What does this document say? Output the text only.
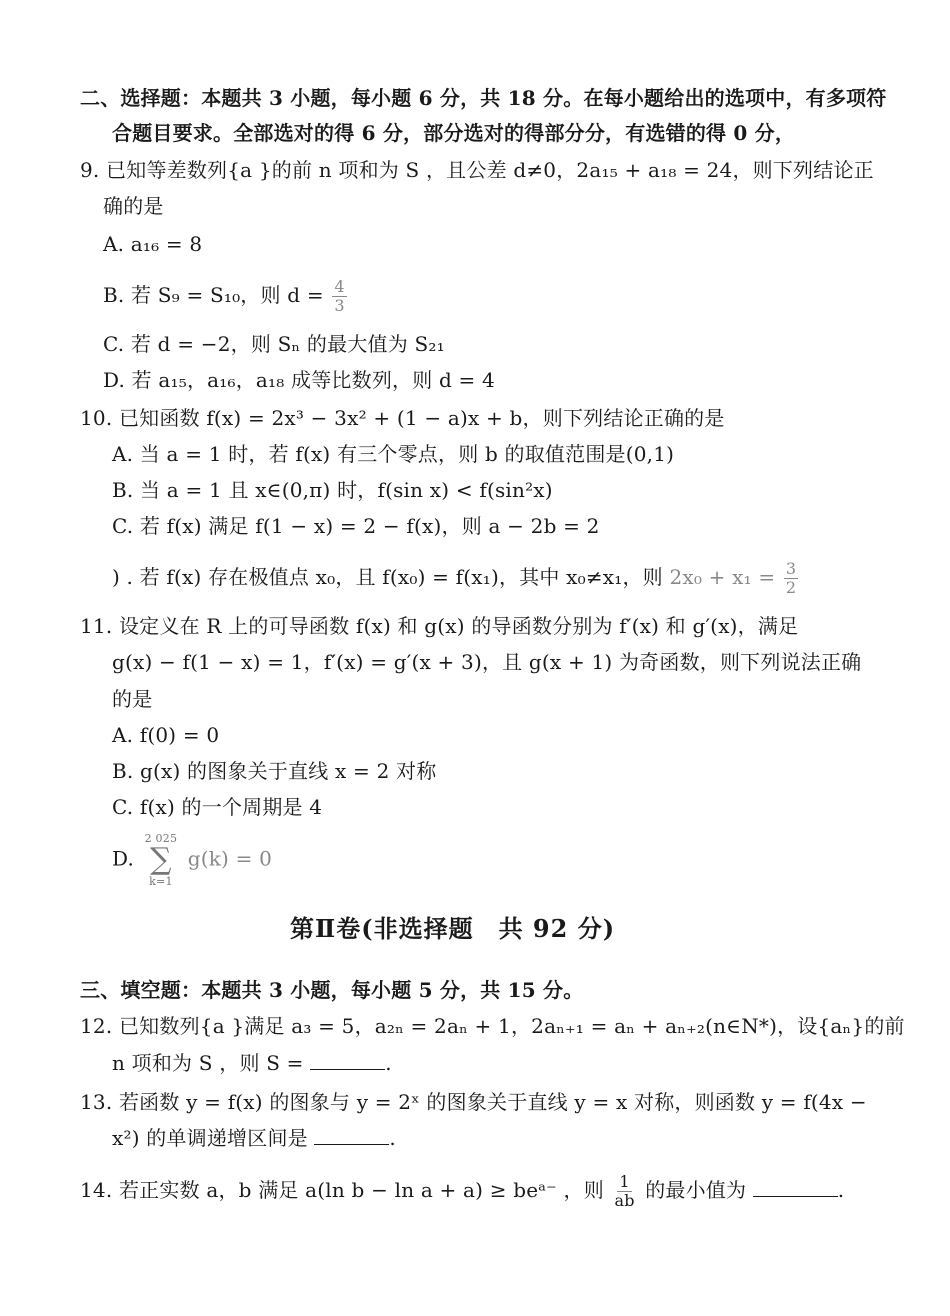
二、选择题：本题共 3 小题，每小题 6 分，共 18 分。在每小题给出的选项中，有多项符
合题目要求。全部选对的得 6 分，部分选对的得部分分，有选错的得 0 分，
9. 已知等差数列{a }的前 n 项和为 S ，且公差 d≠0，2a₁₅ + a₁₈ = 24，则下列结论正
确的是
A. a₁₆ = 8
B. 若 S₉ = S₁₀，则 $d = \frac{4}{3}$
C. 若 d = −2，则 Sₙ 的最大值为 S₂₁
D. 若 a₁₅，a₁₆，a₁₈ 成等比数列，则 d = 4
10. 已知函数 f(x) = 2x³ − 3x² + (1 − a)x + b，则下列结论正确的是
A. 当 a = 1 时，若 f(x) 有三个零点，则 b 的取值范围是(0,1)
B. 当 a = 1 且 x∈(0,π) 时，f(sin x) < f(sin²x)
C. 若 f(x) 满足 f(1 − x) = 2 − f(x)，则 a − 2b = 2
) . 若 f(x) 存在极值点 x₀，且 f(x₀) = f(x₁)，其中 x₀≠x₁，则 $2x_0 + x_1 = \frac{3}{2}$
11. 设定义在 R 上的可导函数 f(x) 和 g(x) 的导函数分别为 f′(x) 和 g′(x)，满足
g(x) − f(1 − x) = 1，f′(x) = g′(x + 3)，且 g(x + 1) 为奇函数，则下列说法正确
的是
A. f(0) = 0
B. g(x) 的图象关于直线 x = 2 对称
C. f(x) 的一个周期是 4
D.
2 025
∑
k=1
g(k) = 0
第Ⅱ卷(非选择题　共 92 分)
三、填空题：本题共 3 小题，每小题 5 分，共 15 分。
12. 已知数列{a }满足 a₃ = 5，a₂ₙ = 2aₙ + 1，2aₙ₊₁ = aₙ + aₙ₊₂(n∈N*)，设{aₙ}的前
n 项和为 S ，则 S =	.
13. 若函数 y = f(x) 的图象与 y = 2ˣ 的图象关于直线 y = x 对称，则函数 y = f(4x −
x²) 的单调递增区间是	.
14. 若正实数 a，b 满足 a(ln b − ln a + a) ≥ beᵃ⁻ ，则 $\frac{1}{ab}$ 的最小值为	.
